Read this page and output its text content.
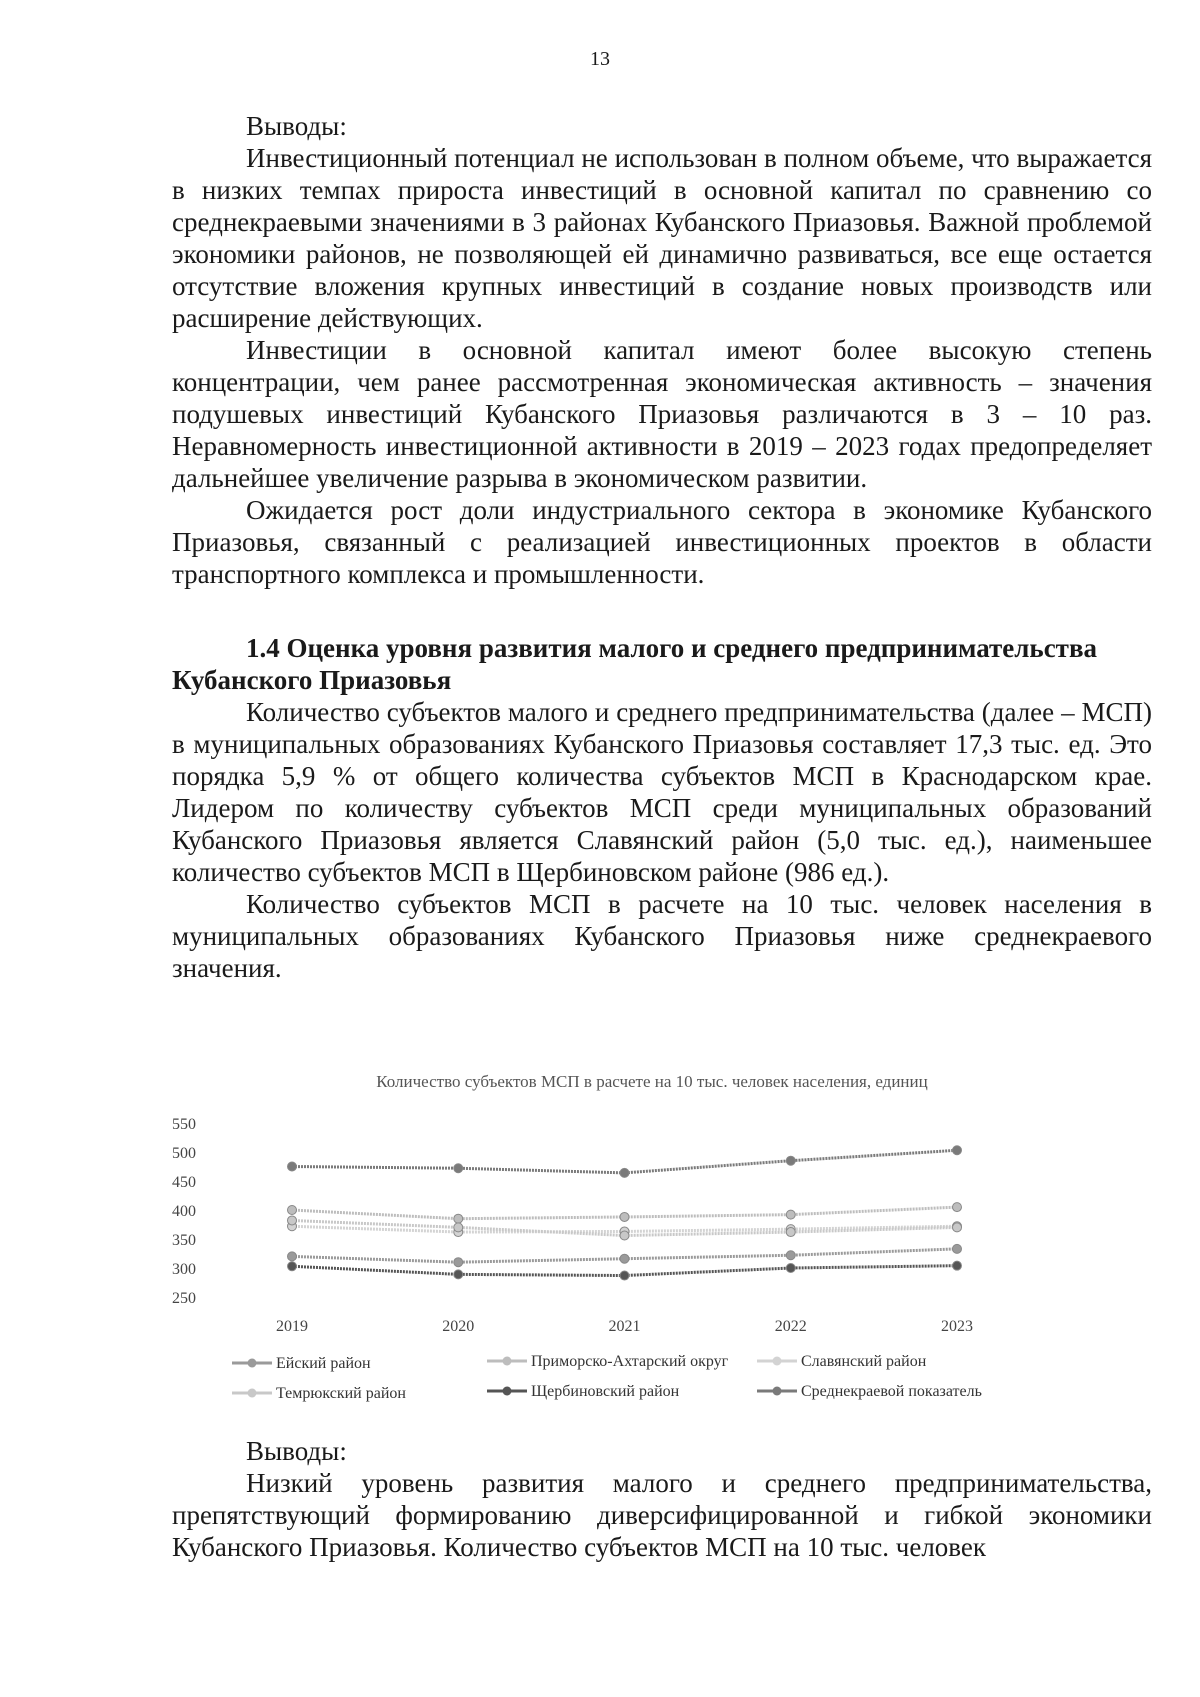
13

Выводы:

Инвестиционный потенциал не использован в полном объеме, что выражается в низких темпах прироста инвестиций в основной капитал по сравнению со среднекраевыми значениями в 3 районах Кубанского Приазовья. Важной проблемой экономики районов, не позволяющей ей динамично развиваться, все еще остается отсутствие вложения крупных инвестиций в создание новых производств или расширение действующих.

Инвестиции в основной капитал имеют более высокую степень концентрации, чем ранее рассмотренная экономическая активность – значения подушевых инвестиций Кубанского Приазовья различаются в 3 – 10 раз. Неравномерность инвестиционной активности в 2019 – 2023 годах предопределяет дальнейшее увеличение разрыва в экономическом развитии.

Ожидается рост доли индустриального сектора в экономике Кубанского Приазовья, связанный с реализацией инвестиционных проектов в области транспортного комплекса и промышленности.

1.4 Оценка уровня развития малого и среднего предпринимательства Кубанского Приазовья

Количество субъектов малого и среднего предпринимательства (далее – МСП) в муниципальных образованиях Кубанского Приазовья составляет 17,3 тыс. ед. Это порядка 5,9 % от общего количества субъектов МСП в Краснодарском крае. Лидером по количеству субъектов МСП среди муниципальных образований Кубанского Приазовья является Славянский район (5,0 тыс. ед.), наименьшее количество субъектов МСП в Щербиновском районе (986 ед.).

Количество субъектов МСП в расчете на 10 тыс. человек населения в муниципальных образованиях Кубанского Приазовья ниже среднекраевого значения.

Количество субъектов МСП в расчете на 10 тыс. человек населения, единиц
550
500
450
400
350
300
250
2019	2020	2021	2022	2023
Ейский район	Приморско-Ахтарский округ	Славянский район
Темрюкский район	Щербиновский район	Среднекраевой показатель

Выводы:

Низкий уровень развития малого и среднего предпринимательства, препятствующий формированию диверсифицированной и гибкой экономики Кубанского Приазовья. Количество субъектов МСП на 10 тыс. человек
